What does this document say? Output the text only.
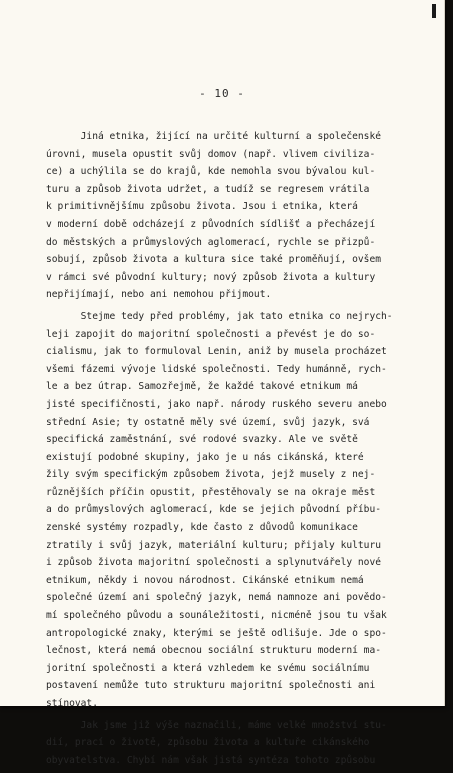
- 10 -
Jiná etnika, žijící na určité kulturní a společenské
úrovni, musela opustit svůj domov (např. vlivem civiliza-
ce) a uchýlila se do krajů, kde nemohla svou bývalou kul-
turu a způsob života udržet, a tudíž se regresem vrátila
k primitivnějšímu způsobu života. Jsou i etnika, která
v moderní době odcházejí z původních sídlišť a přecházejí
do městských a průmyslových aglomerací, rychle se přizpů-
sobují, způsob života a kultura sice také proměňují, ovšem
v rámci své původní kultury; nový způsob života a kultury
nepřijímají, nebo ani nemohou přijmout.
Stejme tedy před problémy, jak tato etnika co nejrych-
leji zapojit do majoritní společnosti a převést je do so-
cialismu, jak to formuloval Lenin, aniž by musela procházet
všemi fázemi vývoje lidské společnosti. Tedy humánně, rych-
le a bez útrap. Samozřejmě, že každé takové etnikum má
jisté specifičnosti, jako např. národy ruského severu anebo
střední Asie; ty ostatně měly své území, svůj jazyk, svá
specifická zaměstnání, své rodové svazky. Ale ve světě
existují podobné skupiny, jako je u nás cikánská, které
žily svým specifickým způsobem života, jejž musely z nej-
různějších příčin opustit, přestěhovaly se na okraje měst
a do průmyslových aglomerací, kde se jejich původní příbu-
zenské systémy rozpadly, kde často z důvodů komunikace
ztratily i svůj jazyk, materiální kulturu; přijaly kulturu
i způsob života majoritní společnosti a splynutvářely nové
etnikum, někdy i novou národnost. Cikánské etnikum nemá
společné území ani společný jazyk, nemá namnoze ani povědo-
mí společného původu a sounáležitosti, nicméně jsou tu však
antropologické znaky, kterými se ještě odlišuje. Jde o spo-
lečnost, která nemá obecnou sociální strukturu moderní ma-
joritní společnosti a která vzhledem ke svému sociálnímu
postavení nemůže tuto strukturu majoritní společnosti ani
stínovat.
Jak jsme již výše naznačili, máme velké množství stu-
dií, prací o životě, způsobu života a kultuře cikánského
obyvatelstva. Chybí nám však jistá syntéza tohoto způsobu
